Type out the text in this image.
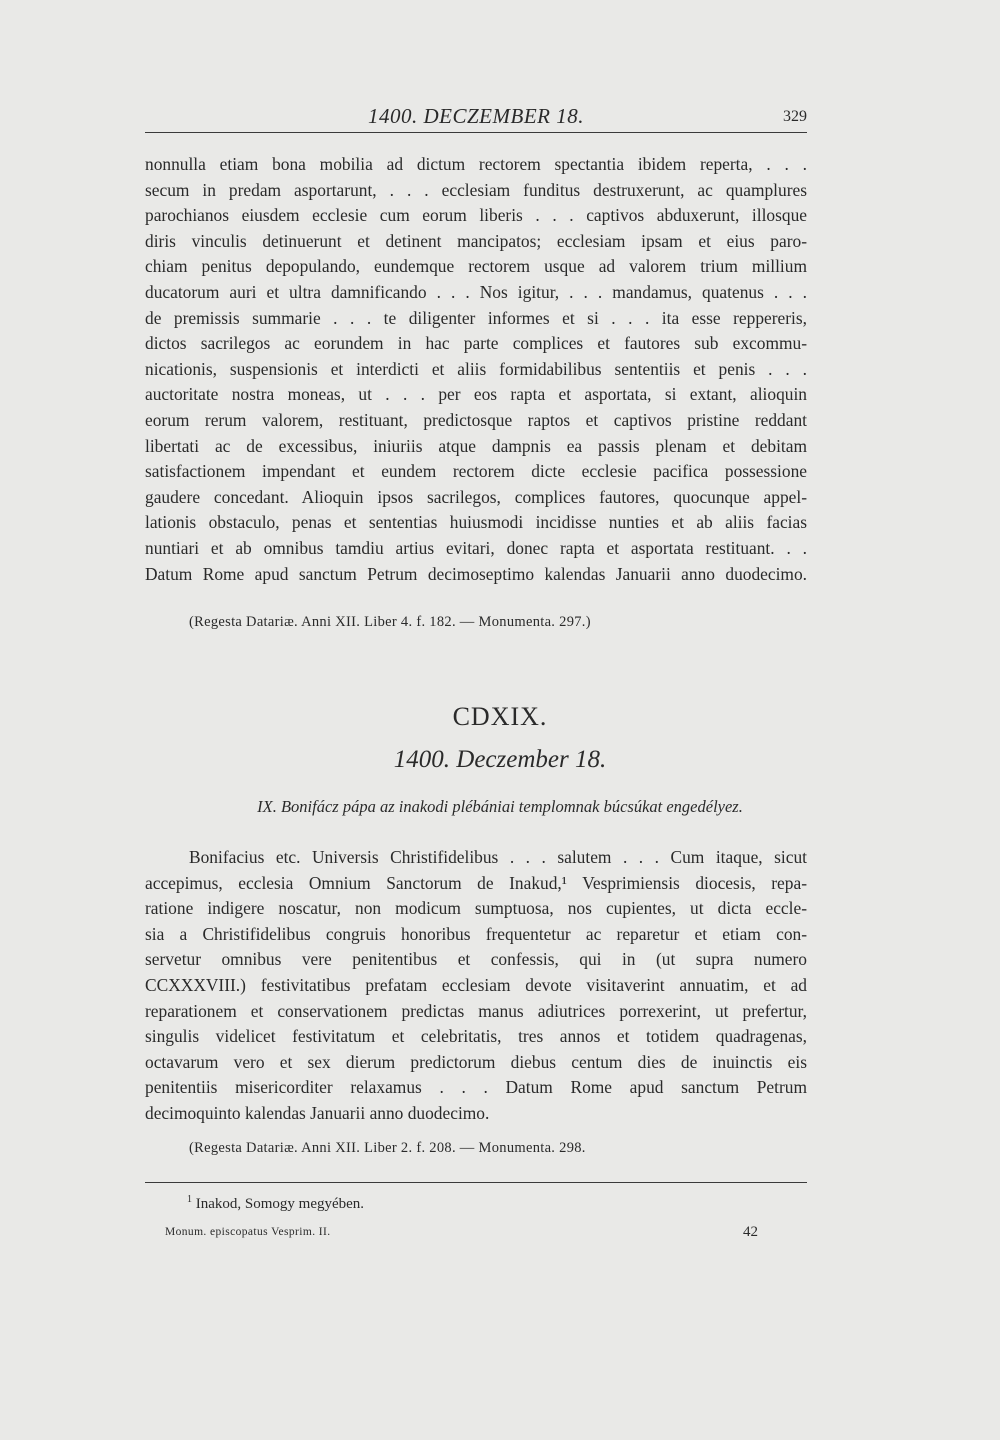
1400. DECZEMBER 18.	329
nonnulla etiam bona mobilia ad dictum rectorem spectantia ibidem reperta, . . .
secum in predam asportarunt, . . . ecclesiam funditus destruxerunt, ac quamplures
parochianos eiusdem ecclesie cum eorum liberis . . . captivos abduxerunt, illosque
diris vinculis detinuerunt et detinent mancipatos; ecclesiam ipsam et eius paro-
chiam penitus depopulando, eundemque rectorem usque ad valorem trium millium
ducatorum auri et ultra damnificando . . . Nos igitur, . . . mandamus, quatenus . . .
de premissis summarie . . . te diligenter informes et si . . . ita esse reppereris,
dictos sacrilegos ac eorundem in hac parte complices et fautores sub excommu-
nicationis, suspensionis et interdicti et aliis formidabilibus sententiis et penis . . .
auctoritate nostra moneas, ut . . . per eos rapta et asportata, si extant, alioquin
eorum rerum valorem, restituant, predictosque raptos et captivos pristine reddant
libertati ac de excessibus, iniuriis atque dampnis ea passis plenam et debitam
satisfactionem impendant et eundem rectorem dicte ecclesie pacifica possessione
gaudere concedant. Alioquin ipsos sacrilegos, complices fautores, quocunque appel-
lationis obstaculo, penas et sententias huiusmodi incidisse nunties et ab aliis facias
nuntiari et ab omnibus tamdiu artius evitari, donec rapta et asportata restituant. . .
Datum Rome apud sanctum Petrum decimoseptimo kalendas Januarii anno duodecimo.
(Regesta Datariæ. Anni XII. Liber 4. f. 182. — Monumenta. 297.)
CDXIX.
1400. Deczember 18.
IX. Bonifácz pápa az inakodi plébániai templomnak búcsúkat engedélyez.
Bonifacius etc. Universis Christifidelibus . . . salutem . . . Cum itaque, sicut
accepimus, ecclesia Omnium Sanctorum de Inakud,¹ Vesprimiensis diocesis, repa-
ratione indigere noscatur, non modicum sumptuosa, nos cupientes, ut dicta eccle-
sia a Christifidelibus congruis honoribus frequentetur ac reparetur et etiam con-
servetur omnibus vere penitentibus et confessis, qui in (ut supra numero
CCXXXVIII.) festivitatibus prefatam ecclesiam devote visitaverint annuatim, et ad
reparationem et conservationem predictas manus adiutrices porrexerint, ut prefertur,
singulis videlicet festivitatum et celebritatis, tres annos et totidem quadragenas,
octavarum vero et sex dierum predictorum diebus centum dies de inuinctis eis
penitentiis misericorditer relaxamus . . . Datum Rome apud sanctum Petrum
decimoquinto kalendas Januarii anno duodecimo.
(Regesta Datariæ. Anni XII. Liber 2. f. 208. — Monumenta. 298.
$^1$ Inakod, Somogy megyében.
Monum. episcopatus Vesprim. II.	42
